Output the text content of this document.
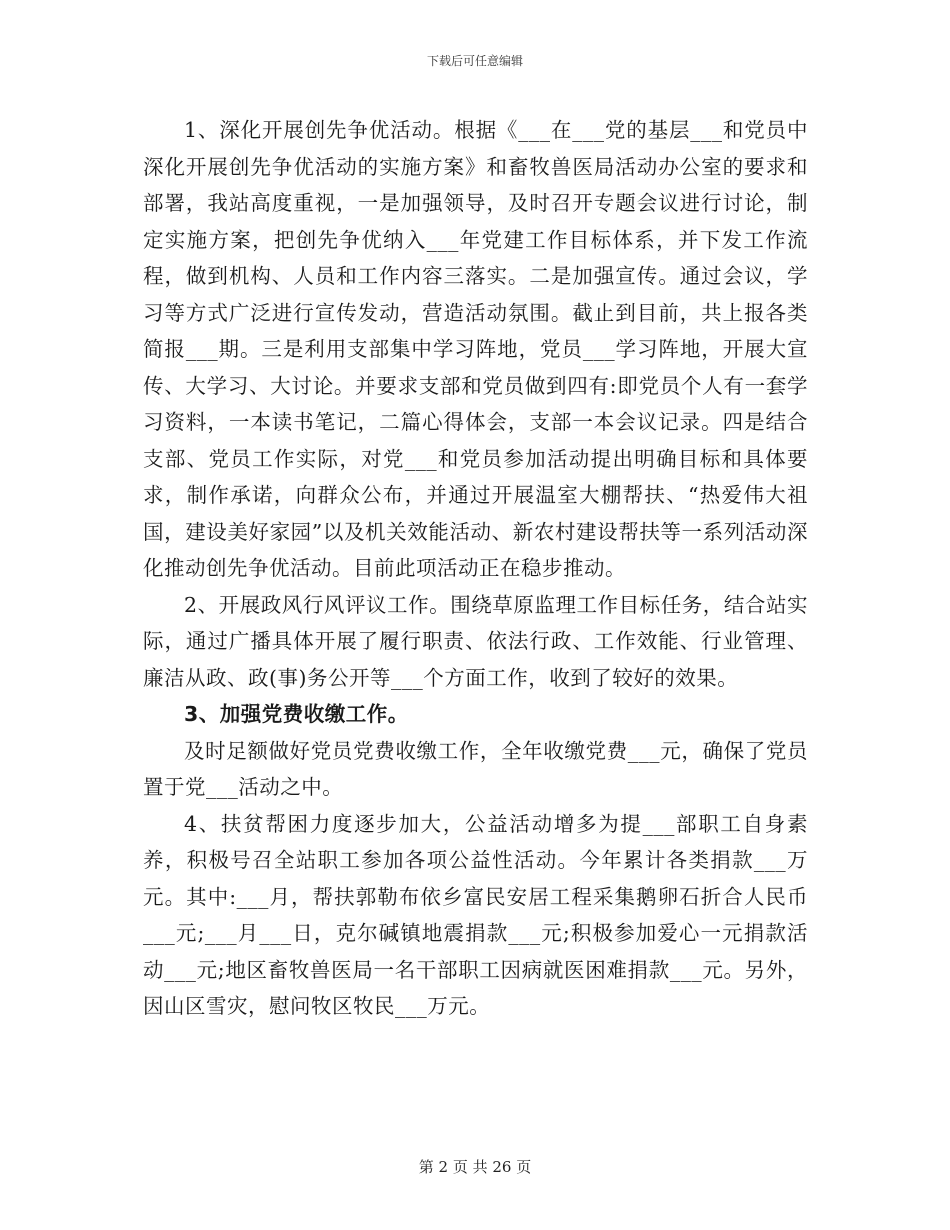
下载后可任意编辑

1、深化开展创先争优活动。根据《___在___党的基层___和党员中深化开展创先争优活动的实施方案》和畜牧兽医局活动办公室的要求和部署，我站高度重视，一是加强领导，及时召开专题会议进行讨论，制定实施方案，把创先争优纳入___年党建工作目标体系，并下发工作流程，做到机构、人员和工作内容三落实。二是加强宣传。通过会议，学习等方式广泛进行宣传发动，营造活动氛围。截止到目前，共上报各类简报___期。三是利用支部集中学习阵地，党员___学习阵地，开展大宣传、大学习、大讨论。并要求支部和党员做到四有:即党员个人有一套学习资料，一本读书笔记，二篇心得体会，支部一本会议记录。四是结合支部、党员工作实际，对党___和党员参加活动提出明确目标和具体要求，制作承诺，向群众公布，并通过开展温室大棚帮扶、“热爱伟大祖国，建设美好家园”以及机关效能活动、新农村建设帮扶等一系列活动深化推动创先争优活动。目前此项活动正在稳步推动。

2、开展政风行风评议工作。围绕草原监理工作目标任务，结合站实际，通过广播具体开展了履行职责、依法行政、工作效能、行业管理、廉洁从政、政(事)务公开等___个方面工作，收到了较好的效果。

3、加强党费收缴工作。

及时足额做好党员党费收缴工作，全年收缴党费___元，确保了党员置于党___活动之中。

4、扶贫帮困力度逐步加大，公益活动增多为提___部职工自身素养，积极号召全站职工参加各项公益性活动。今年累计各类捐款___万元。其中:___月，帮扶郭勒布依乡富民安居工程采集鹅卵石折合人民币___元;___月___日，克尔碱镇地震捐款___元;积极参加爱心一元捐款活动___元;地区畜牧兽医局一名干部职工因病就医困难捐款___元。另外，因山区雪灾，慰问牧区牧民___万元。

第 2 页 共 26 页
